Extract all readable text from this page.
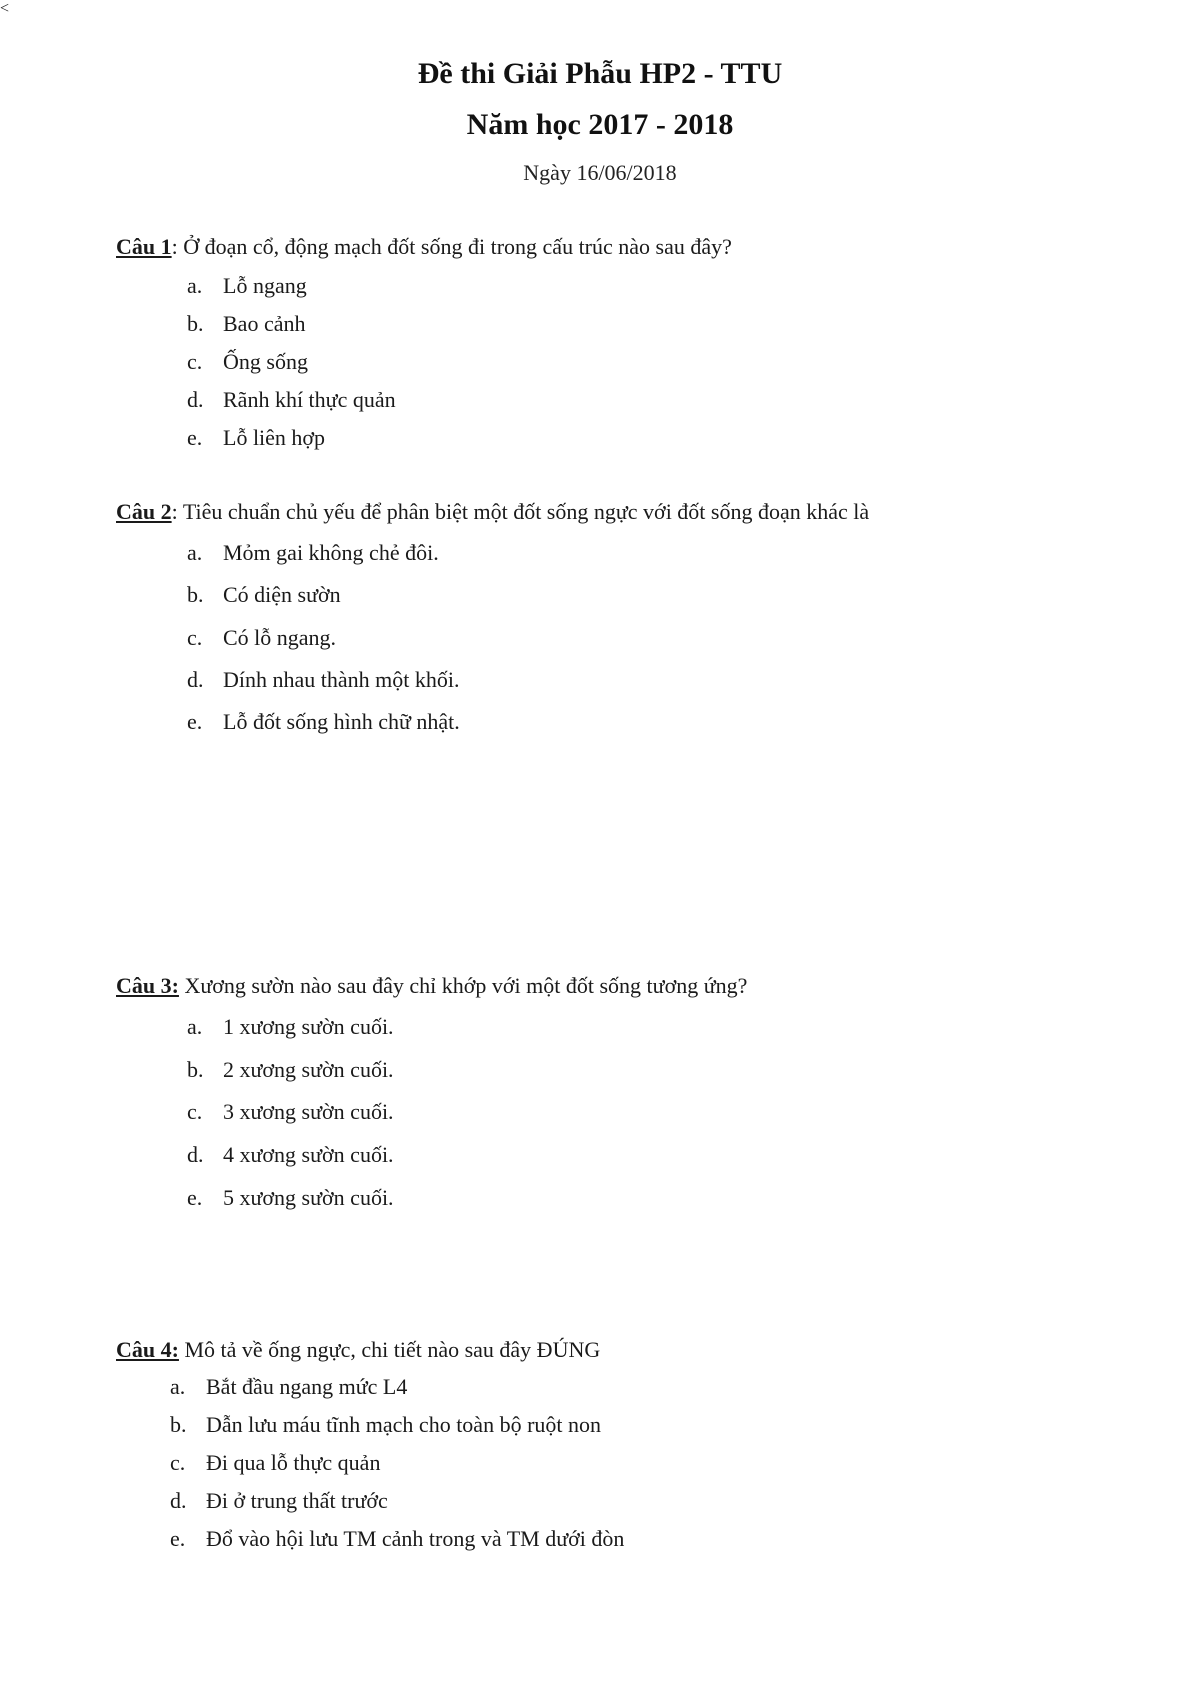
Đề thi Giải Phẫu HP2 - TTU
Năm học 2017 - 2018
Ngày 16/06/2018
Câu 1: Ở đoạn cổ, động mạch đốt sống đi trong cấu trúc nào sau đây?
a. Lỗ ngang
b. Bao cảnh
c. Ống sống
d. Rãnh khí thực quản
e. Lỗ liên hợp
Câu 2: Tiêu chuẩn chủ yếu để phân biệt một đốt sống ngực với đốt sống đoạn khác là
a. Mỏm gai không chẻ đôi.
b. Có diện sườn
c. Có lỗ ngang.
d. Dính nhau thành một khối.
e. Lỗ đốt sống hình chữ nhật.
<
Câu 3: Xương sườn nào sau đây chỉ khớp với một đốt sống tương ứng?
a. 1 xương sườn cuối.
b. 2 xương sườn cuối.
c. 3 xương sườn cuối.
d. 4 xương sườn cuối.
e. 5 xương sườn cuối.
Câu 4: Mô tả về ống ngực, chi tiết nào sau đây ĐÚNG
a. Bắt đầu ngang mức L4
b. Dẫn lưu máu tĩnh mạch cho toàn bộ ruột non
c. Đi qua lỗ thực quản
d. Đi ở trung thất trước
e. Đổ vào hội lưu TM cảnh trong và TM dưới đòn
